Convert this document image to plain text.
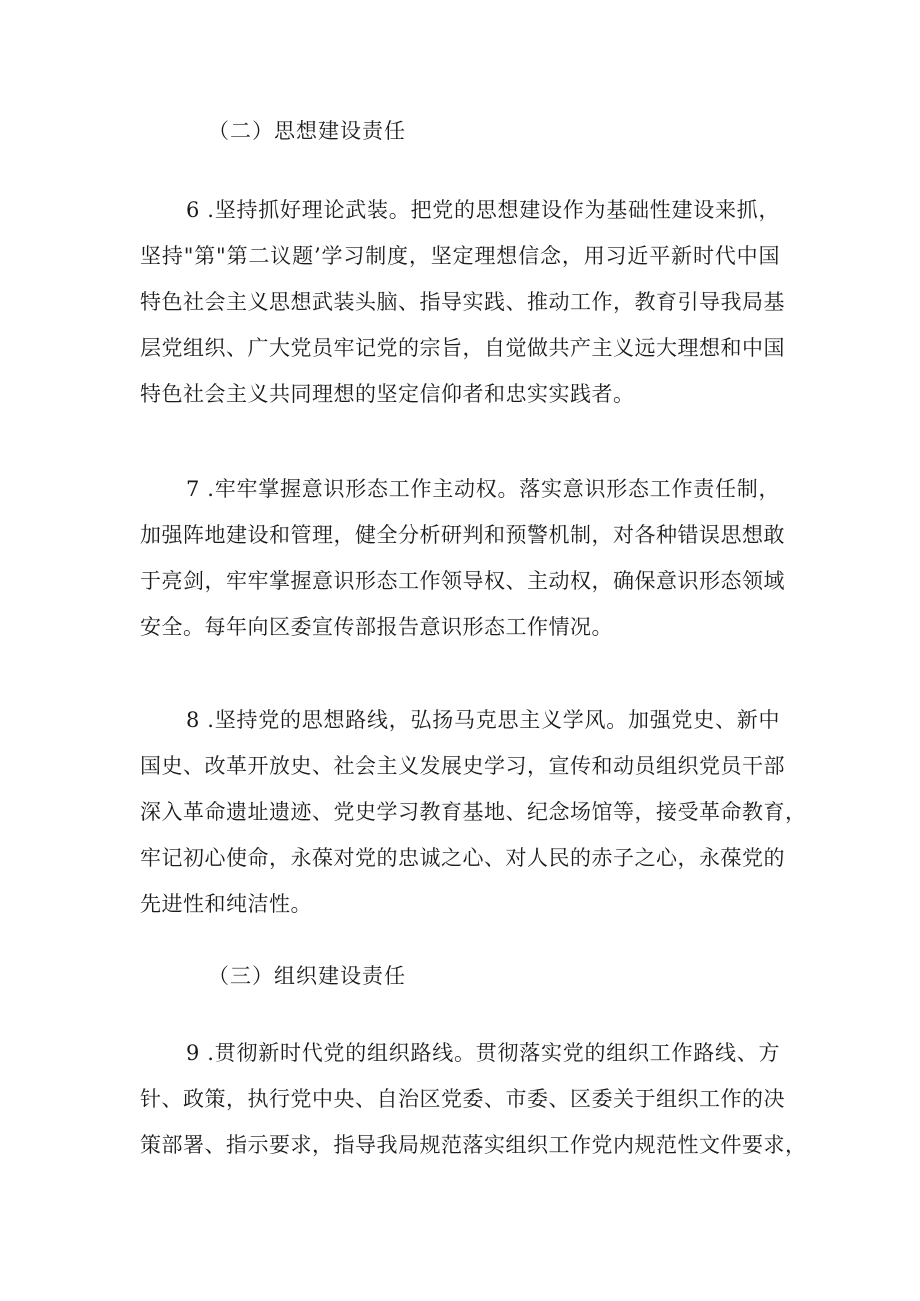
（二）思想建设责任
6 .坚持抓好理论武装。把党的思想建设作为基础性建设来抓，
坚持"第"第二议题’学习制度，坚定理想信念，用习近平新时代中国
特色社会主义思想武装头脑、指导实践、推动工作，教育引导我局基
层党组织、广大党员牢记党的宗旨，自觉做共产主义远大理想和中国
特色社会主义共同理想的坚定信仰者和忠实实践者。
7 .牢牢掌握意识形态工作主动权。落实意识形态工作责任制，
加强阵地建设和管理，健全分析研判和预警机制，对各种错误思想敢
于亮剑，牢牢掌握意识形态工作领导权、主动权，确保意识形态领域
安全。每年向区委宣传部报告意识形态工作情况。
8 .坚持党的思想路线，弘扬马克思主义学风。加强党史、新中
国史、改革开放史、社会主义发展史学习，宣传和动员组织党员干部
深入革命遗址遗迹、党史学习教育基地、纪念场馆等，接受革命教育，
牢记初心使命，永葆对党的忠诚之心、对人民的赤子之心，永葆党的
先进性和纯洁性。
（三）组织建设责任
9 .贯彻新时代党的组织路线。贯彻落实党的组织工作路线、方
针、政策，执行党中央、自治区党委、市委、区委关于组织工作的决
策部署、指示要求，指导我局规范落实组织工作党内规范性文件要求，
